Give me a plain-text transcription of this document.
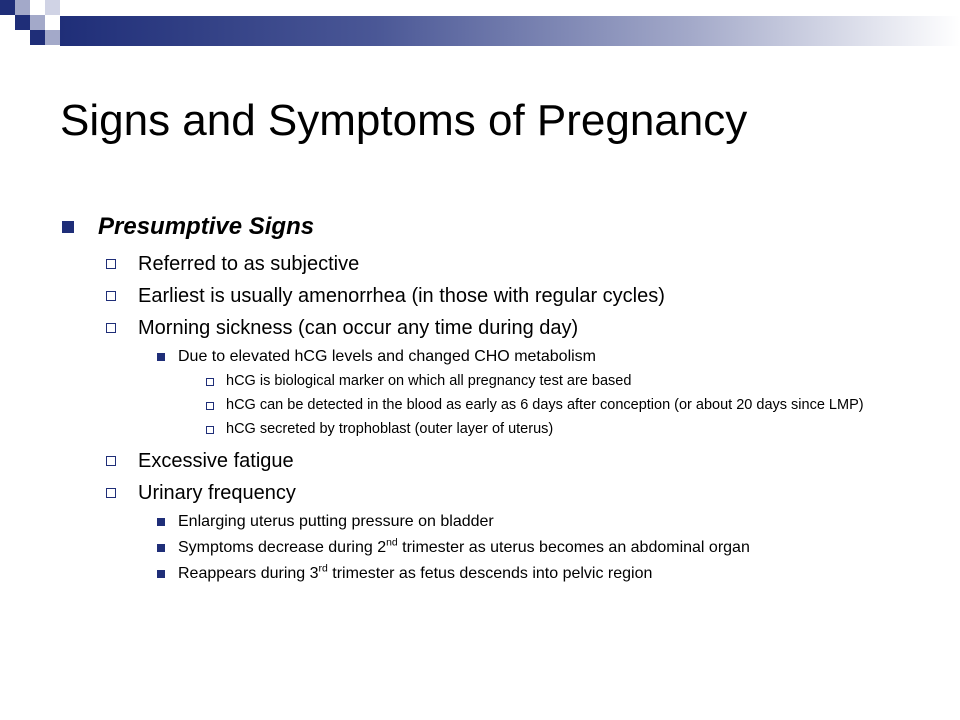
Signs and Symptoms of Pregnancy
Presumptive Signs
Referred to as subjective
Earliest is usually amenorrhea (in those with regular cycles)
Morning sickness (can occur any time during day)
Due to elevated hCG levels and changed CHO metabolism
hCG is biological marker on which all pregnancy test are based
hCG can be detected in the blood as early as 6 days after conception (or about 20 days since LMP)
hCG secreted by trophoblast (outer layer of uterus)
Excessive fatigue
Urinary frequency
Enlarging uterus putting pressure on bladder
Symptoms decrease during 2nd trimester as uterus becomes an abdominal organ
Reappears during 3rd trimester as fetus descends into pelvic region
